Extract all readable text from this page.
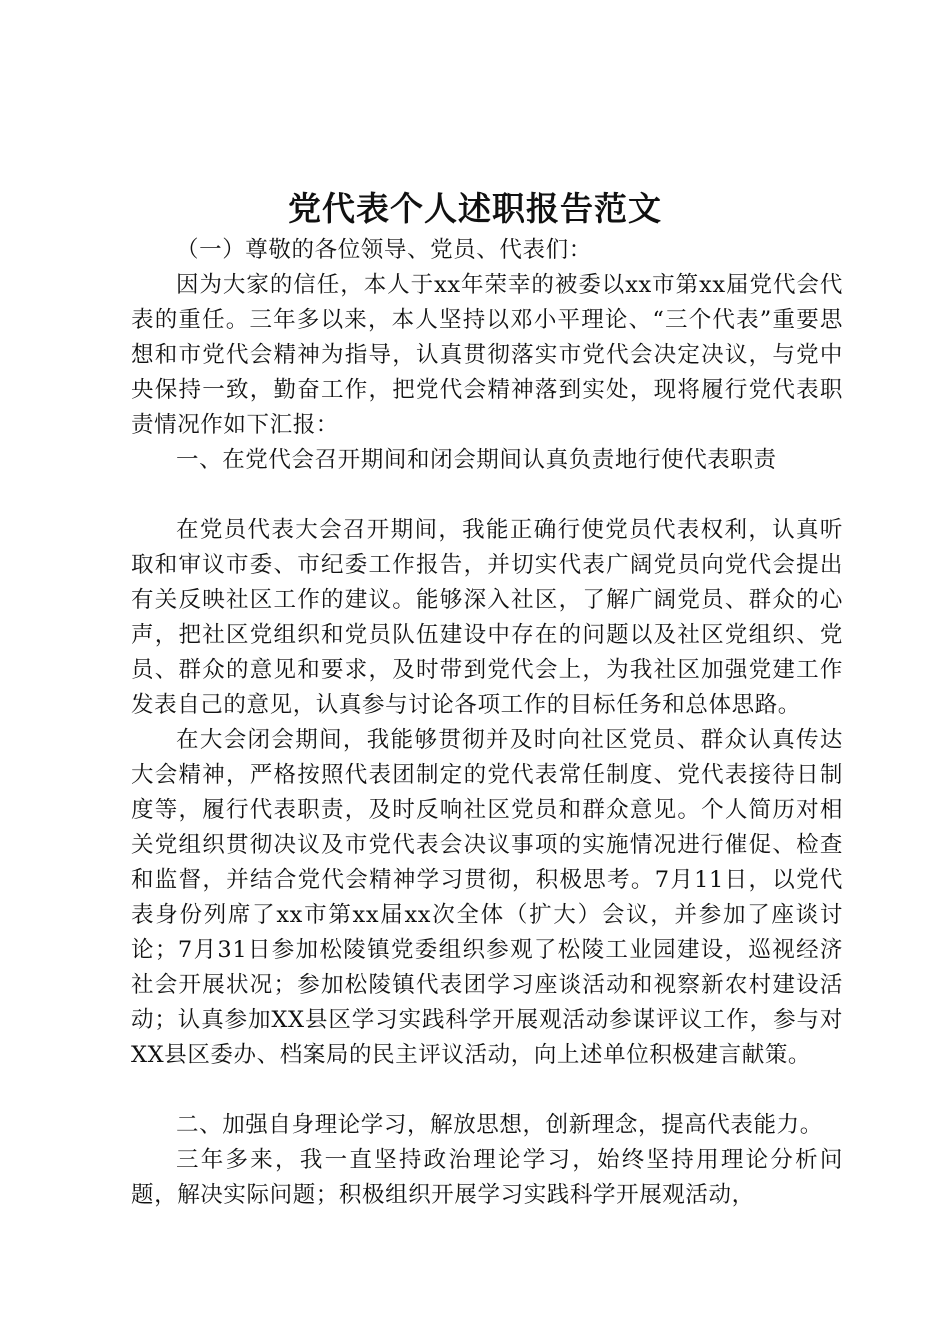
党代表个人述职报告范文

（一）尊敬的各位领导、党员、代表们：

因为大家的信任，本人于xx年荣幸的被委以xx市第xx届党代会代表的重任。三年多以来，本人坚持以邓小平理论、“三个代表”重要思想和市党代会精神为指导，认真贯彻落实市党代会决定决议，与党中央保持一致，勤奋工作，把党代会精神落到实处，现将履行党代表职责情况作如下汇报：

一、在党代会召开期间和闭会期间认真负责地行使代表职责

在党员代表大会召开期间，我能正确行使党员代表权利，认真听取和审议市委、市纪委工作报告，并切实代表广阔党员向党代会提出有关反映社区工作的建议。能够深入社区，了解广阔党员、群众的心声，把社区党组织和党员队伍建设中存在的问题以及社区党组织、党员、群众的意见和要求，及时带到党代会上，为我社区加强党建工作发表自己的意见，认真参与讨论各项工作的目标任务和总体思路。

在大会闭会期间，我能够贯彻并及时向社区党员、群众认真传达大会精神，严格按照代表团制定的党代表常任制度、党代表接待日制度等，履行代表职责，及时反响社区党员和群众意见。个人简历对相关党组织贯彻决议及市党代表会决议事项的实施情况进行催促、检查和监督，并结合党代会精神学习贯彻，积极思考。7月11日，以党代表身份列席了xx市第xx届xx次全体（扩大）会议，并参加了座谈讨论；7月31日参加松陵镇党委组织参观了松陵工业园建设，巡视经济社会开展状况；参加松陵镇代表团学习座谈活动和视察新农村建设活动；认真参加XX县区学习实践科学开展观活动参谋评议工作，参与对XX县区委办、档案局的民主评议活动，向上述单位积极建言献策。

二、加强自身理论学习，解放思想，创新理念，提高代表能力。

三年多来，我一直坚持政治理论学习，始终坚持用理论分析问题，解决实际问题；积极组织开展学习实践科学开展观活动，
